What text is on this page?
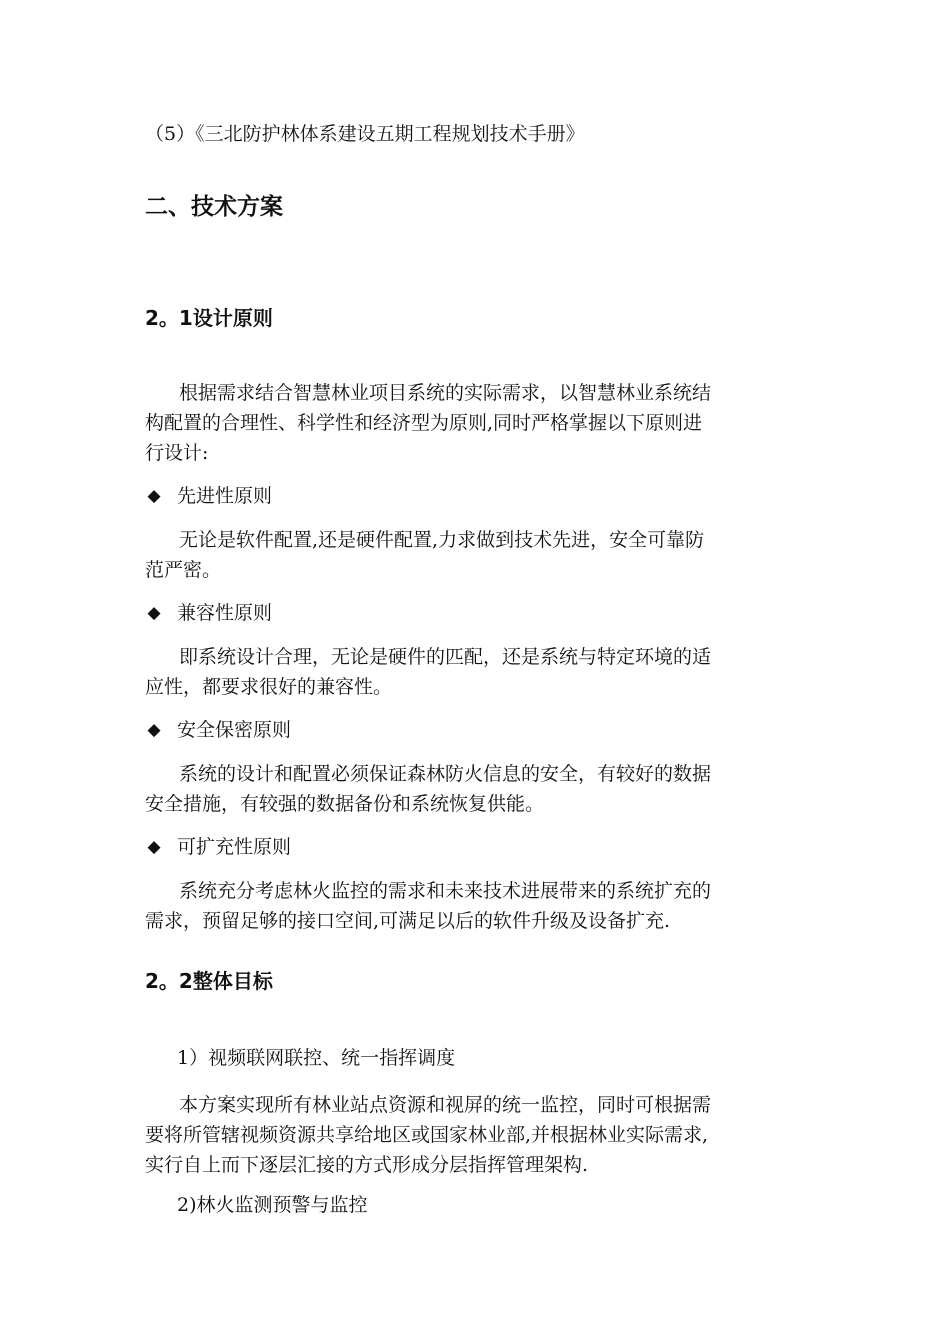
（5）《三北防护林体系建设五期工程规划技术手册》
二、技术方案
2。1设计原则
根据需求结合智慧林业项目系统的实际需求，以智慧林业系统结
构配置的合理性、科学性和经济型为原则,同时严格掌握以下原则进
行设计:
◆ 先进性原则
无论是软件配置,还是硬件配置,力求做到技术先进，安全可靠防
范严密。
◆ 兼容性原则
即系统设计合理，无论是硬件的匹配，还是系统与特定环境的适
应性，都要求很好的兼容性。
◆ 安全保密原则
系统的设计和配置必须保证森林防火信息的安全，有较好的数据
安全措施，有较强的数据备份和系统恢复供能。
◆ 可扩充性原则
系统充分考虑林火监控的需求和未来技术进展带来的系统扩充的
需求，预留足够的接口空间,可满足以后的软件升级及设备扩充.
2。2整体目标
1）视频联网联控、统一指挥调度
本方案实现所有林业站点资源和视屏的统一监控，同时可根据需
要将所管辖视频资源共享给地区或国家林业部,并根据林业实际需求,
实行自上而下逐层汇接的方式形成分层指挥管理架构.
2)林火监测预警与监控
